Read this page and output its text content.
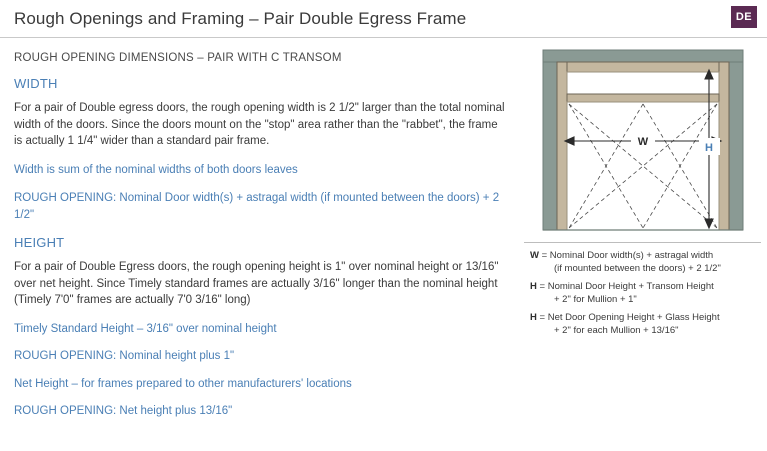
Rough Openings and Framing – Pair Double Egress Frame	DE
ROUGH OPENING DIMENSIONS – PAIR WITH C TRANSOM
WIDTH

For a pair of Double egress doors, the rough opening width is 2 1/2" larger than the total nominal width of the doors. Since the doors mount on the "stop" area rather than the "rabbet", the frame is actually 1 1/4" wider than a standard pair frame.

Width is sum of the nominal widths of both doors leaves

ROUGH OPENING: Nominal Door width(s) + astragal width (if mounted between the doors) + 2 1/2"

HEIGHT

For a pair of Double Egress doors, the rough opening height is 1" over nominal height or 13/16" over net height. Since Timely standard frames are actually 3/16" longer than the nominal height (Timely 7'0" frames are actually 7'0 3/16" long)

Timely Standard Height – 3/16" over nominal height

ROUGH OPENING: Nominal height plus 1"

Net Height – for frames prepared to other manufacturers' locations

ROUGH OPENING: Net height plus 13/16"

W	H
W = Nominal Door width(s) + astragal width
(if mounted between the doors) + 2 1/2"
H = Nominal Door Height + Transom Height
+ 2" for Mullion + 1"
H = Net Door Opening Height + Glass Height
+ 2" for each Mullion + 13/16"
